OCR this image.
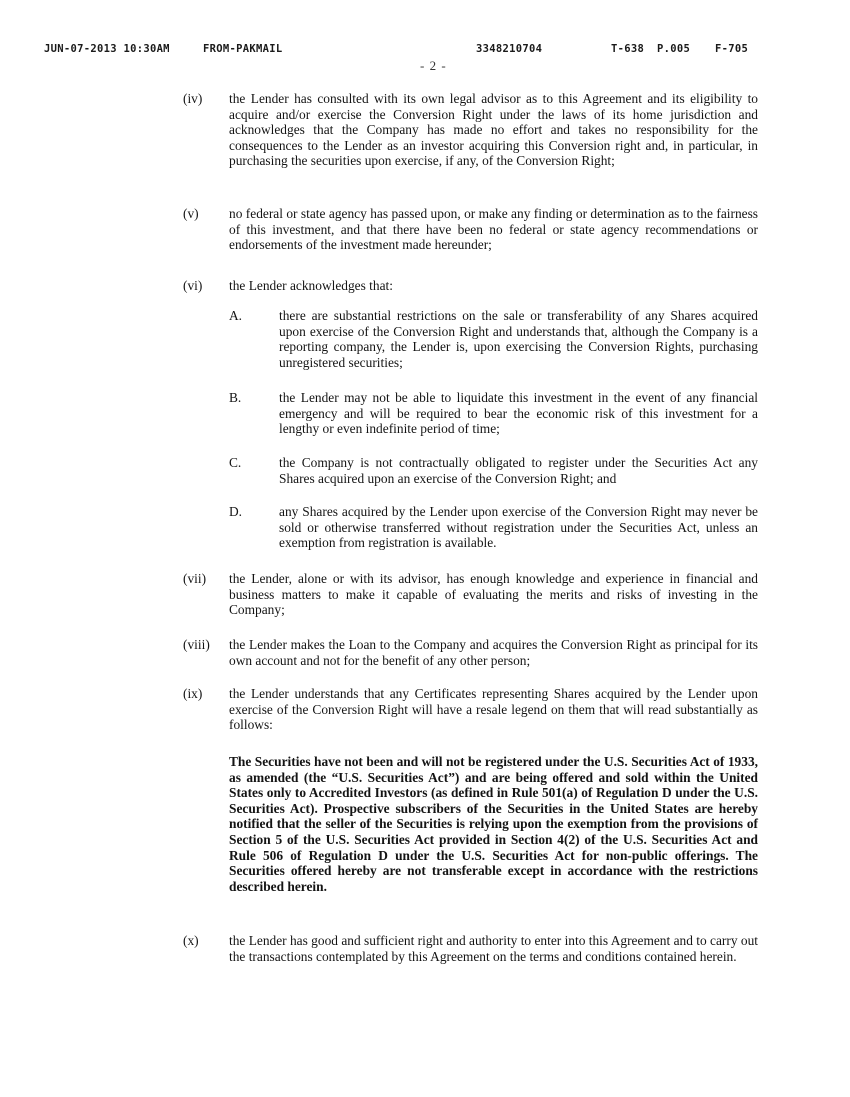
JUN-07-2013 10:30AM	FROM-PAKMAIL	3348210704	T-638 P.005 F-705
- 2 -
(iv) the Lender has consulted with its own legal advisor as to this Agreement and its eligibility to acquire and/or exercise the Conversion Right under the laws of its home jurisdiction and acknowledges that the Company has made no effort and takes no responsibility for the consequences to the Lender as an investor acquiring this Conversion right and, in particular, in purchasing the securities upon exercise, if any, of the Conversion Right;
(v) no federal or state agency has passed upon, or make any finding or determination as to the fairness of this investment, and that there have been no federal or state agency recommendations or endorsements of the investment made hereunder;
(vi) the Lender acknowledges that:
A.	there are substantial restrictions on the sale or transferability of any Shares acquired upon exercise of the Conversion Right and understands that, although the Company is a reporting company, the Lender is, upon exercising the Conversion Rights, purchasing unregistered securities;
B.	the Lender may not be able to liquidate this investment in the event of any financial emergency and will be required to bear the economic risk of this investment for a lengthy or even indefinite period of time;
C.	the Company is not contractually obligated to register under the Securities Act any Shares acquired upon an exercise of the Conversion Right; and
D.	any Shares acquired by the Lender upon exercise of the Conversion Right may never be sold or otherwise transferred without registration under the Securities Act, unless an exemption from registration is available.
(vii) the Lender, alone or with its advisor, has enough knowledge and experience in financial and business matters to make it capable of evaluating the merits and risks of investing in the Company;
(viii) the Lender makes the Loan to the Company and acquires the Conversion Right as principal for its own account and not for the benefit of any other person;
(ix) the Lender understands that any Certificates representing Shares acquired by the Lender upon exercise of the Conversion Right will have a resale legend on them that will read substantially as follows:
The Securities have not been and will not be registered under the U.S. Securities Act of 1933, as amended (the “U.S. Securities Act”) and are being offered and sold within the United States only to Accredited Investors (as defined in Rule 501(a) of Regulation D under the U.S. Securities Act). Prospective subscribers of the Securities in the United States are hereby notified that the seller of the Securities is relying upon the exemption from the provisions of Section 5 of the U.S. Securities Act provided in Section 4(2) of the U.S. Securities Act and Rule 506 of Regulation D under the U.S. Securities Act for non-public offerings. The Securities offered hereby are not transferable except in accordance with the restrictions described herein.
(x) the Lender has good and sufficient right and authority to enter into this Agreement and to carry out the transactions contemplated by this Agreement on the terms and conditions contained herein.
